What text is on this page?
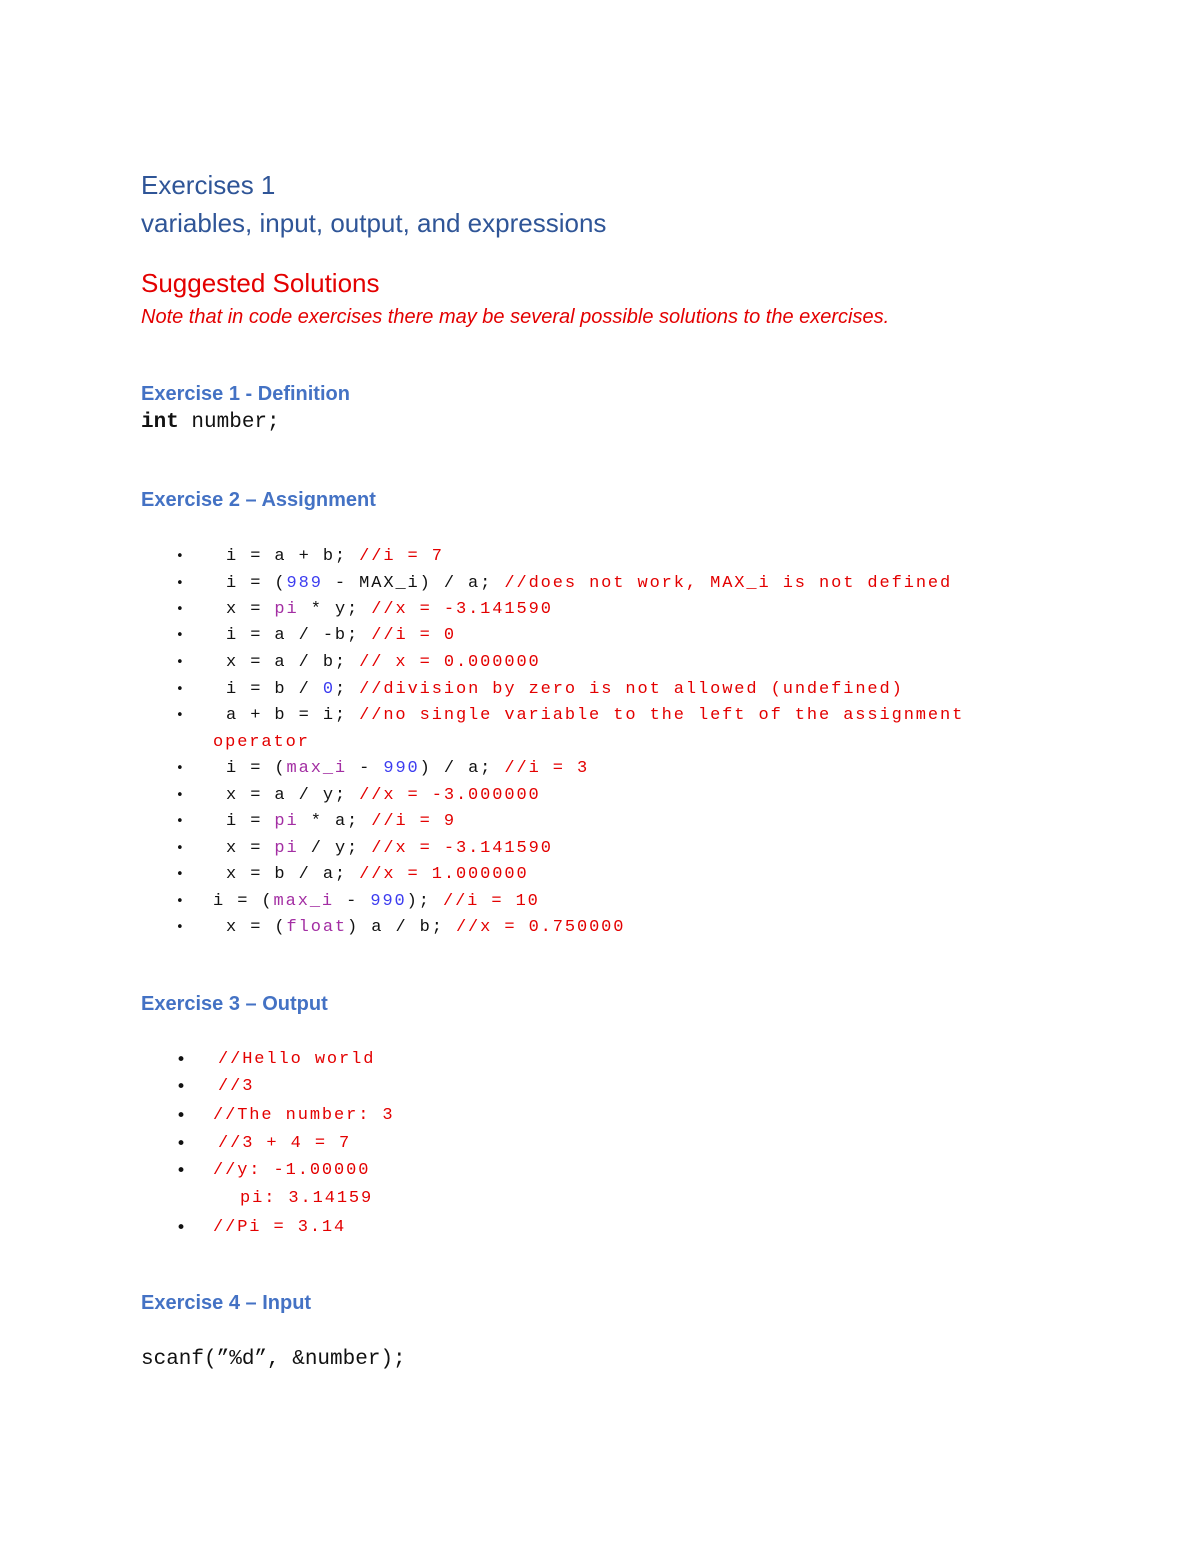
Exercises 1
variables, input, output, and expressions
Suggested Solutions
Note that in code exercises there may be several possible solutions to the exercises.
Exercise 1 - Definition
int number;
Exercise 2 – Assignment
• i = a + b; //i = 7
• i = (989 - MAX_i) / a; //does not work, MAX_i is not defined
• x = pi * y; //x = -3.141590
• i = a / -b; //i = 0
• x = a / b; // x = 0.000000
• i = b / 0; //division by zero is not allowed (undefined)
• a + b = i; //no single variable to the left of the assignment
operator
• i = (max_i - 990) / a; //i = 3
• x = a / y; //x = -3.000000
• i = pi * a; //i = 9
• x = pi / y; //x = -3.141590
• x = b / a; //x = 1.000000
• i = (max_i - 990); //i = 10
• x = (float) a / b; //x = 0.750000
Exercise 3 – Output
• //Hello world
• //3
• //The number: 3
• //3 + 4 = 7
• //y: -1.00000
pi: 3.14159
• //Pi = 3.14
Exercise 4 – Input
scanf(”%d”, &number);
